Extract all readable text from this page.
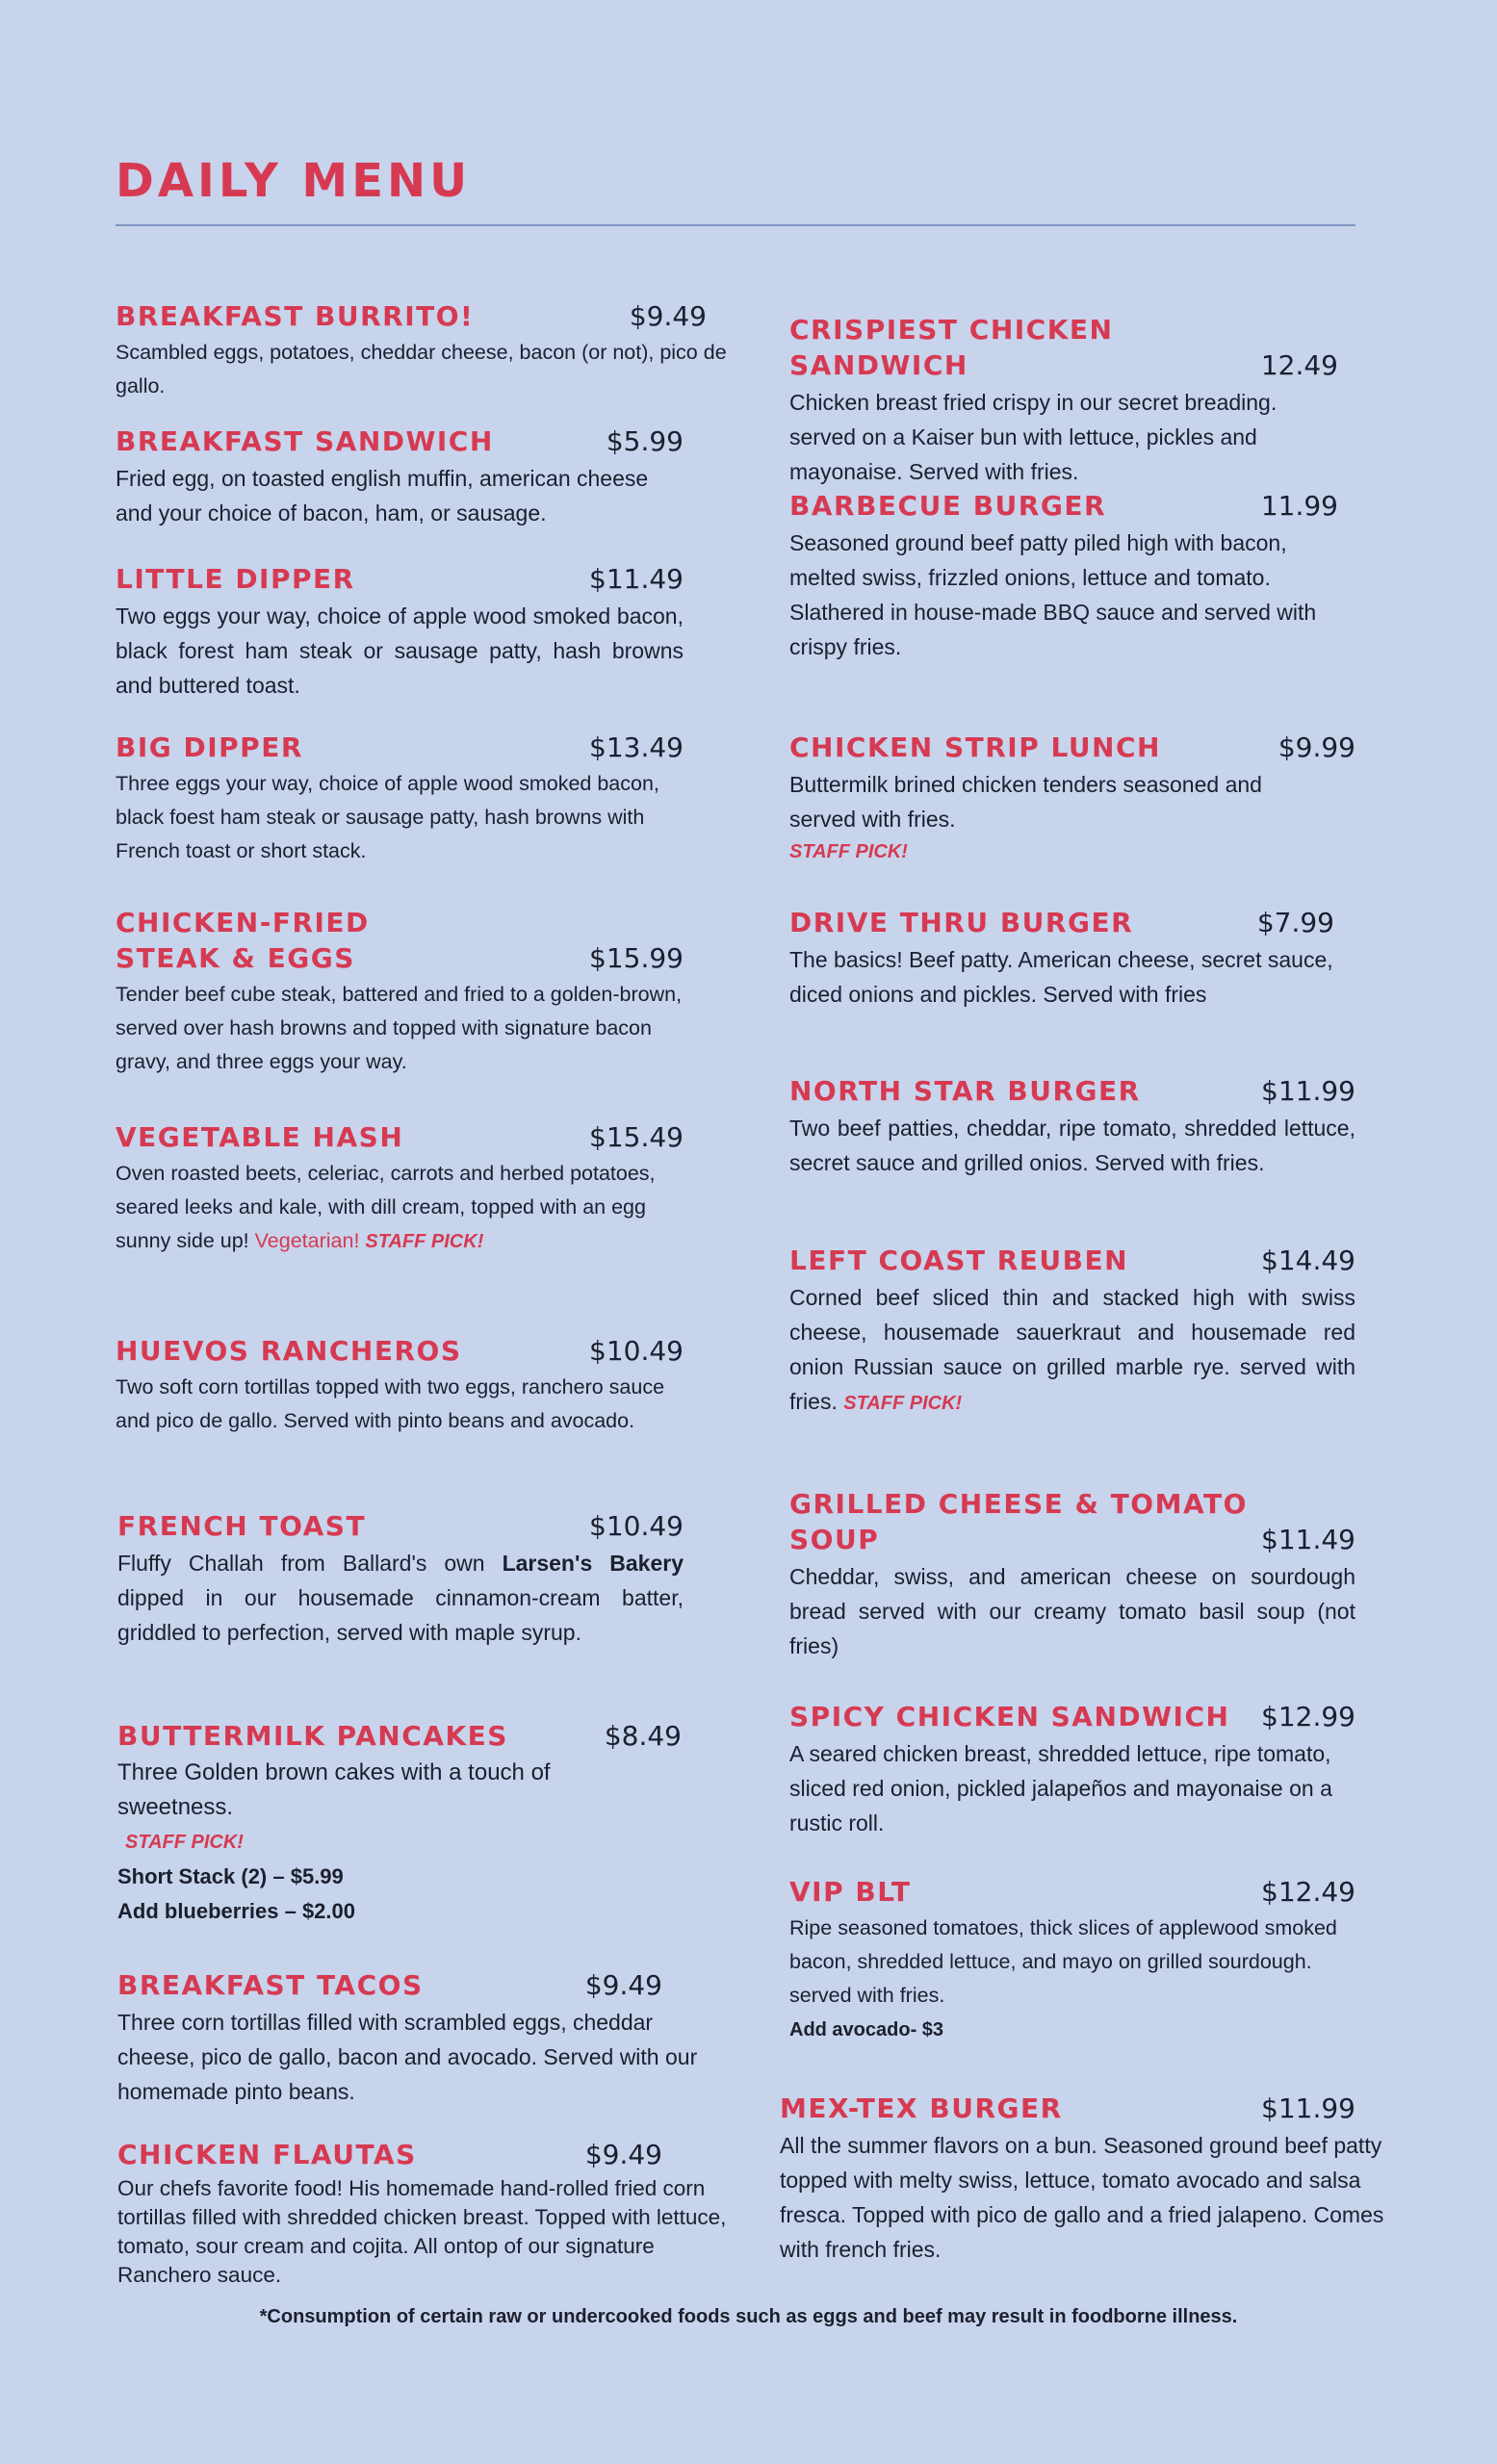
DAILY MENU
BREAKFAST BURRITO!	$9.49
Scambled eggs, potatoes, cheddar cheese, bacon (or not), pico de gallo.
BREAKFAST SANDWICH	$5.99
Fried egg, on toasted english muffin, american cheese and your choice of bacon, ham, or sausage.
LITTLE DIPPER	$11.49
Two eggs your way, choice of apple wood smoked bacon, black forest ham steak or sausage patty, hash browns and buttered toast.
BIG DIPPER	$13.49
Three eggs your way, choice of apple wood smoked bacon, black foest ham steak or sausage patty, hash browns with French toast or short stack.
CHICKEN-FRIED
STEAK & EGGS	$15.99
Tender beef cube steak, battered and fried to a golden-brown, served over hash browns and topped with signature bacon gravy, and three eggs your way.
VEGETABLE HASH	$15.49
Oven roasted beets, celeriac, carrots and herbed potatoes, seared leeks and kale, with dill cream, topped with an egg sunny side up! Vegetarian! STAFF PICK!
HUEVOS RANCHEROS	$10.49
Two soft corn tortillas topped with two eggs, ranchero sauce and pico de gallo. Served with pinto beans and avocado.
FRENCH TOAST	$10.49
Fluffy Challah from Ballard's own Larsen's Bakery dipped in our housemade cinnamon-cream batter, griddled to perfection, served with maple syrup.
BUTTERMILK PANCAKES	$8.49
Three Golden brown cakes with a touch of sweetness.
STAFF PICK!
Short Stack (2) – $5.99
Add blueberries – $2.00
BREAKFAST TACOS	$9.49
Three corn tortillas filled with scrambled eggs, cheddar cheese, pico de gallo, bacon and avocado. Served with our homemade pinto beans.
CHICKEN FLAUTAS	$9.49
Our chefs favorite food! His homemade hand-rolled fried corn tortillas filled with shredded chicken breast. Topped with lettuce, tomato, sour cream and cojita. All ontop of our signature Ranchero sauce.
CRISPIEST CHICKEN SANDWICH	12.49
Chicken breast fried crispy in our secret breading. served on a Kaiser bun with lettuce, pickles and mayonaise. Served with fries.
BARBECUE BURGER	11.99
Seasoned ground beef patty piled high with bacon, melted swiss, frizzled onions, lettuce and tomato. Slathered in house-made BBQ sauce and served with crispy fries.
CHICKEN STRIP LUNCH	$9.99
Buttermilk brined chicken tenders seasoned and served with fries.
STAFF PICK!
DRIVE THRU BURGER	$7.99
The basics! Beef patty. American cheese, secret sauce, diced onions and pickles. Served with fries
NORTH STAR BURGER	$11.99
Two beef patties, cheddar, ripe tomato, shredded lettuce, secret sauce and grilled onios. Served with fries.
LEFT COAST REUBEN	$14.49
Corned beef sliced thin and stacked high with swiss cheese, housemade sauerkraut and housemade red onion Russian sauce on grilled marble rye. served with fries. STAFF PICK!
GRILLED CHEESE & TOMATO SOUP	$11.49
Cheddar, swiss, and american cheese on sourdough bread served with our creamy tomato basil soup (not fries)
SPICY CHICKEN SANDWICH $12.99
A seared chicken breast, shredded lettuce, ripe tomato, sliced red onion, pickled jalapeños and mayonaise on a rustic roll.
VIP BLT	$12.49
Ripe seasoned tomatoes, thick slices of applewood smoked bacon, shredded lettuce, and mayo on grilled sourdough. served with fries.
Add avocado- $3
MEX-TEX BURGER	$11.99
All the summer flavors on a bun. Seasoned ground beef patty topped with melty swiss, lettuce, tomato avocado and salsa fresca. Topped with pico de gallo and a fried jalapeno. Comes with french fries.
*Consumption of certain raw or undercooked foods such as eggs and beef may result in foodborne illness.
